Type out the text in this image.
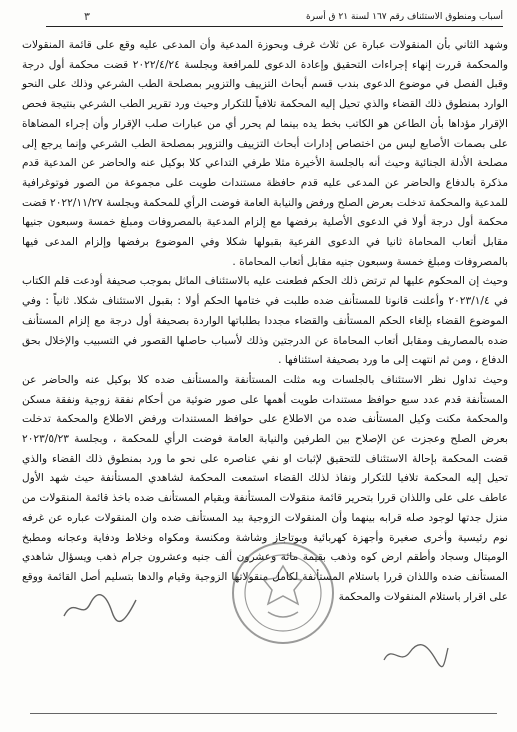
٣	أسباب ومنطوق الاستئناف رقم ١٦٧ لسنة ٢١ ق أسرة

وشهد الثاني بأن المنقولات عبارة عن ثلاث غرف وبحوزة المدعية وأن المدعى عليه وقع على قائمة المنقولات والمحكمة قررت إنهاء إجراءات التحقيق وإعادة الدعوى للمرافعة وبجلسة ٢٠٢٢/٤/٢٤ قضت محكمة أول درجة وقبل الفصل في موضوع الدعوى بندب قسم أبحاث التزييف والتزوير بمصلحة الطب الشرعي وذلك على النحو الوارد بمنطوق ذلك القضاء والذي تحيل إليه المحكمة تلافياً للتكرار وحيث ورد تقرير الطب الشرعي بنتيجة فحص الإقرار مؤداها بأن الطاعن هو الكاتب بخط يده بينما لم يحرر أي من عبارات صلب الإقرار وأن إجراء المضاهاة على بصمات الأصابع ليس من اختصاص إدارات أبحاث التزييف والتزوير بمصلحة الطب الشرعي وإنما يرجع إلى مصلحة الأدلة الجنائية وحيث أنه بالجلسة الأخيرة مثلا طرفي التداعي كلا بوكيل عنه والحاضر عن المدعية قدم مذكرة بالدفاع والحاضر عن المدعى عليه قدم حافظة مستندات طويت على مجموعة من الصور فوتوغرافية للمدعية والمحكمة تدخلت بعرض الصلح ورفض والنيابة العامة فوضت الرأي للمحكمة وبجلسة ٢٠٢٢/١١/٢٧ قضت محكمة أول درجة أولا في الدعوى الأصلية برفضها مع إلزام المدعية بالمصروفات ومبلغ خمسة وسبعون جنيها مقابل أتعاب المحاماة ثانيا في الدعوى الفرعية بقبولها شكلا وفي الموضوع برفضها وإلزام المدعى فيها بالمصروفات ومبلغ خمسة وسبعون جنيه مقابل أتعاب المحاماة .

وحيث إن المحكوم عليها لم ترتض ذلك الحكم فطعنت عليه بالاستئناف الماثل بموجب صحيفة أودعت قلم الكتاب في ٢٠٢٣/١/٤ وأعلنت قانونا للمستأنف ضده طلبت في ختامها الحكم أولا : بقبول الاستئناف شكلا. ثانياً : وفي الموضوع القضاء بإلغاء الحكم المستأنف والقضاء مجددا بطلباتها الواردة بصحيفة أول درجة مع إلزام المستأنف ضده بالمصاريف ومقابل أتعاب المحاماة عن الدرجتين وذلك لأسباب حاصلها القصور في التسبيب والإخلال بحق الدفاع ، ومن ثم انتهت إلى ما ورد بصحيفة استئنافها .

وحيث تداول نظر الاستئناف بالجلسات وبه مثلت المستأنفة والمستأنف ضده كلا بوكيل عنه والحاضر عن المستأنفة قدم عدد سبع حوافظ مستندات طويت أهمها على صور ضوئية من أحكام نفقة زوجية ونفقة مسكن والمحكمة مكنت وكيل المستأنف ضده من الاطلاع على حوافظ المستندات ورفض الاطلاع والمحكمة تدخلت بعرض الصلح وعجزت عن الإصلاح بين الطرفين والنيابة العامة فوضت الرأي للمحكمة ، وبجلسة ٢٠٢٣/٥/٢٣ قضت المحكمة بإحالة الاستئناف للتحقيق لإثبات او نفي عناصره على نحو ما ورد بمنطوق ذلك القضاء والذي تحيل إليه المحكمة تلافيا للتكرار ونفاذ لذلك القضاء استمعت المحكمة لشاهدي المستأنفة حيث شهد الأول عاطف على على واللذان قررا بتحرير قائمة منقولات المستأنفة وبقيام المستأنف ضده باخذ قائمة المنقولات من منزل جدتها لوجود صله قرابه بينهما وأن المنقولات الزوجية بيد المستأنف ضده وان المنقولات عباره عن غرفه نوم رئيسية وأخرى صغيرة وأجهزة كهربائية وبوتاجاز وشاشة ومكنسة ومكواه وخلاط ودفاية وعجانه ومطبخ الوميتال وسجاد وأطقم ارض كوه وذهب بقيمة مائة وعشرون ألف جنيه وعشرون جرام ذهب ويسؤال شاهدي المستأنف ضده واللذان قررا باستلام المستأنفة لكامل منقولاتها الزوجية وقيام والدها بتسليم أصل القائمة ووقع على اقرار باستلام المنقولات والمحكمة
